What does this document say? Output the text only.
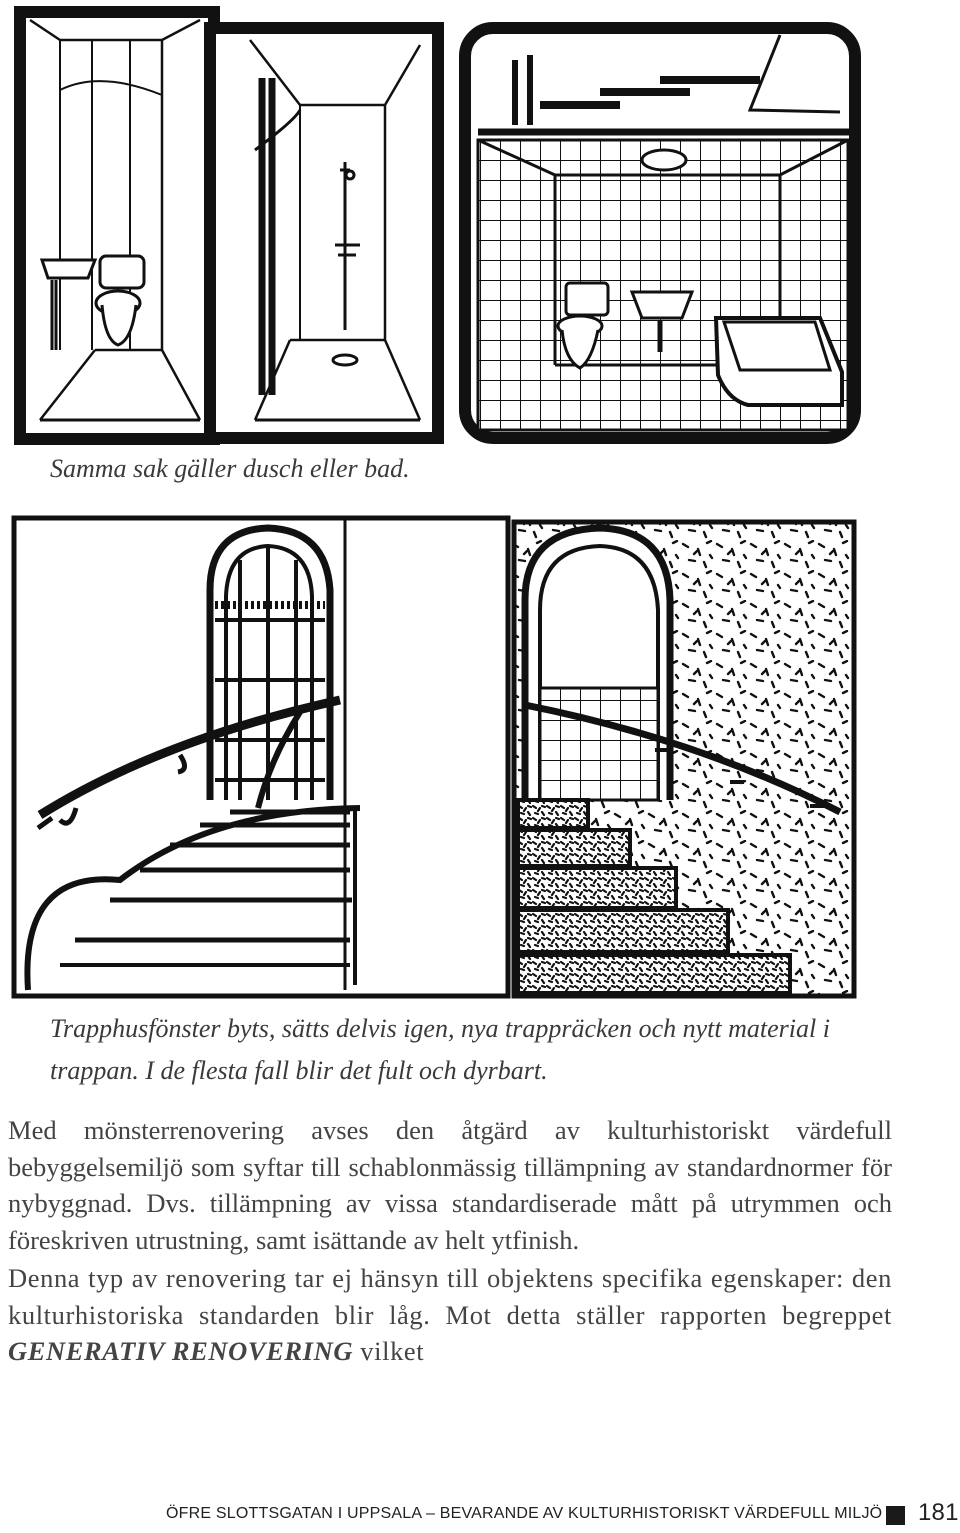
Samma sak gäller dusch eller bad.

Trapphusfönster byts, sätts delvis igen, nya trappräcken och nytt material i trappan. I de flesta fall blir det fult och dyrbart.

Med mönsterrenovering avses den åtgärd av kulturhistoriskt värdefull bebyggelsemiljö som syftar till schablonmässig tillämpning av standardnormer för nybyggnad. Dvs. tillämpning av vissa standardiserade mått på utrymmen och föreskriven utrustning, samt isättande av helt ytfinish.

Denna typ av renovering tar ej hänsyn till objektens specifika egenskaper: den kulturhistoriska standarden blir låg. Mot detta ställer rapporten begreppet GENERATIV RENOVERING vilket

ÖFRE SLOTTSGATAN I UPPSALA – BEVARANDE AV KULTURHISTORISKT VÄRDEFULL MILJÖ 181
